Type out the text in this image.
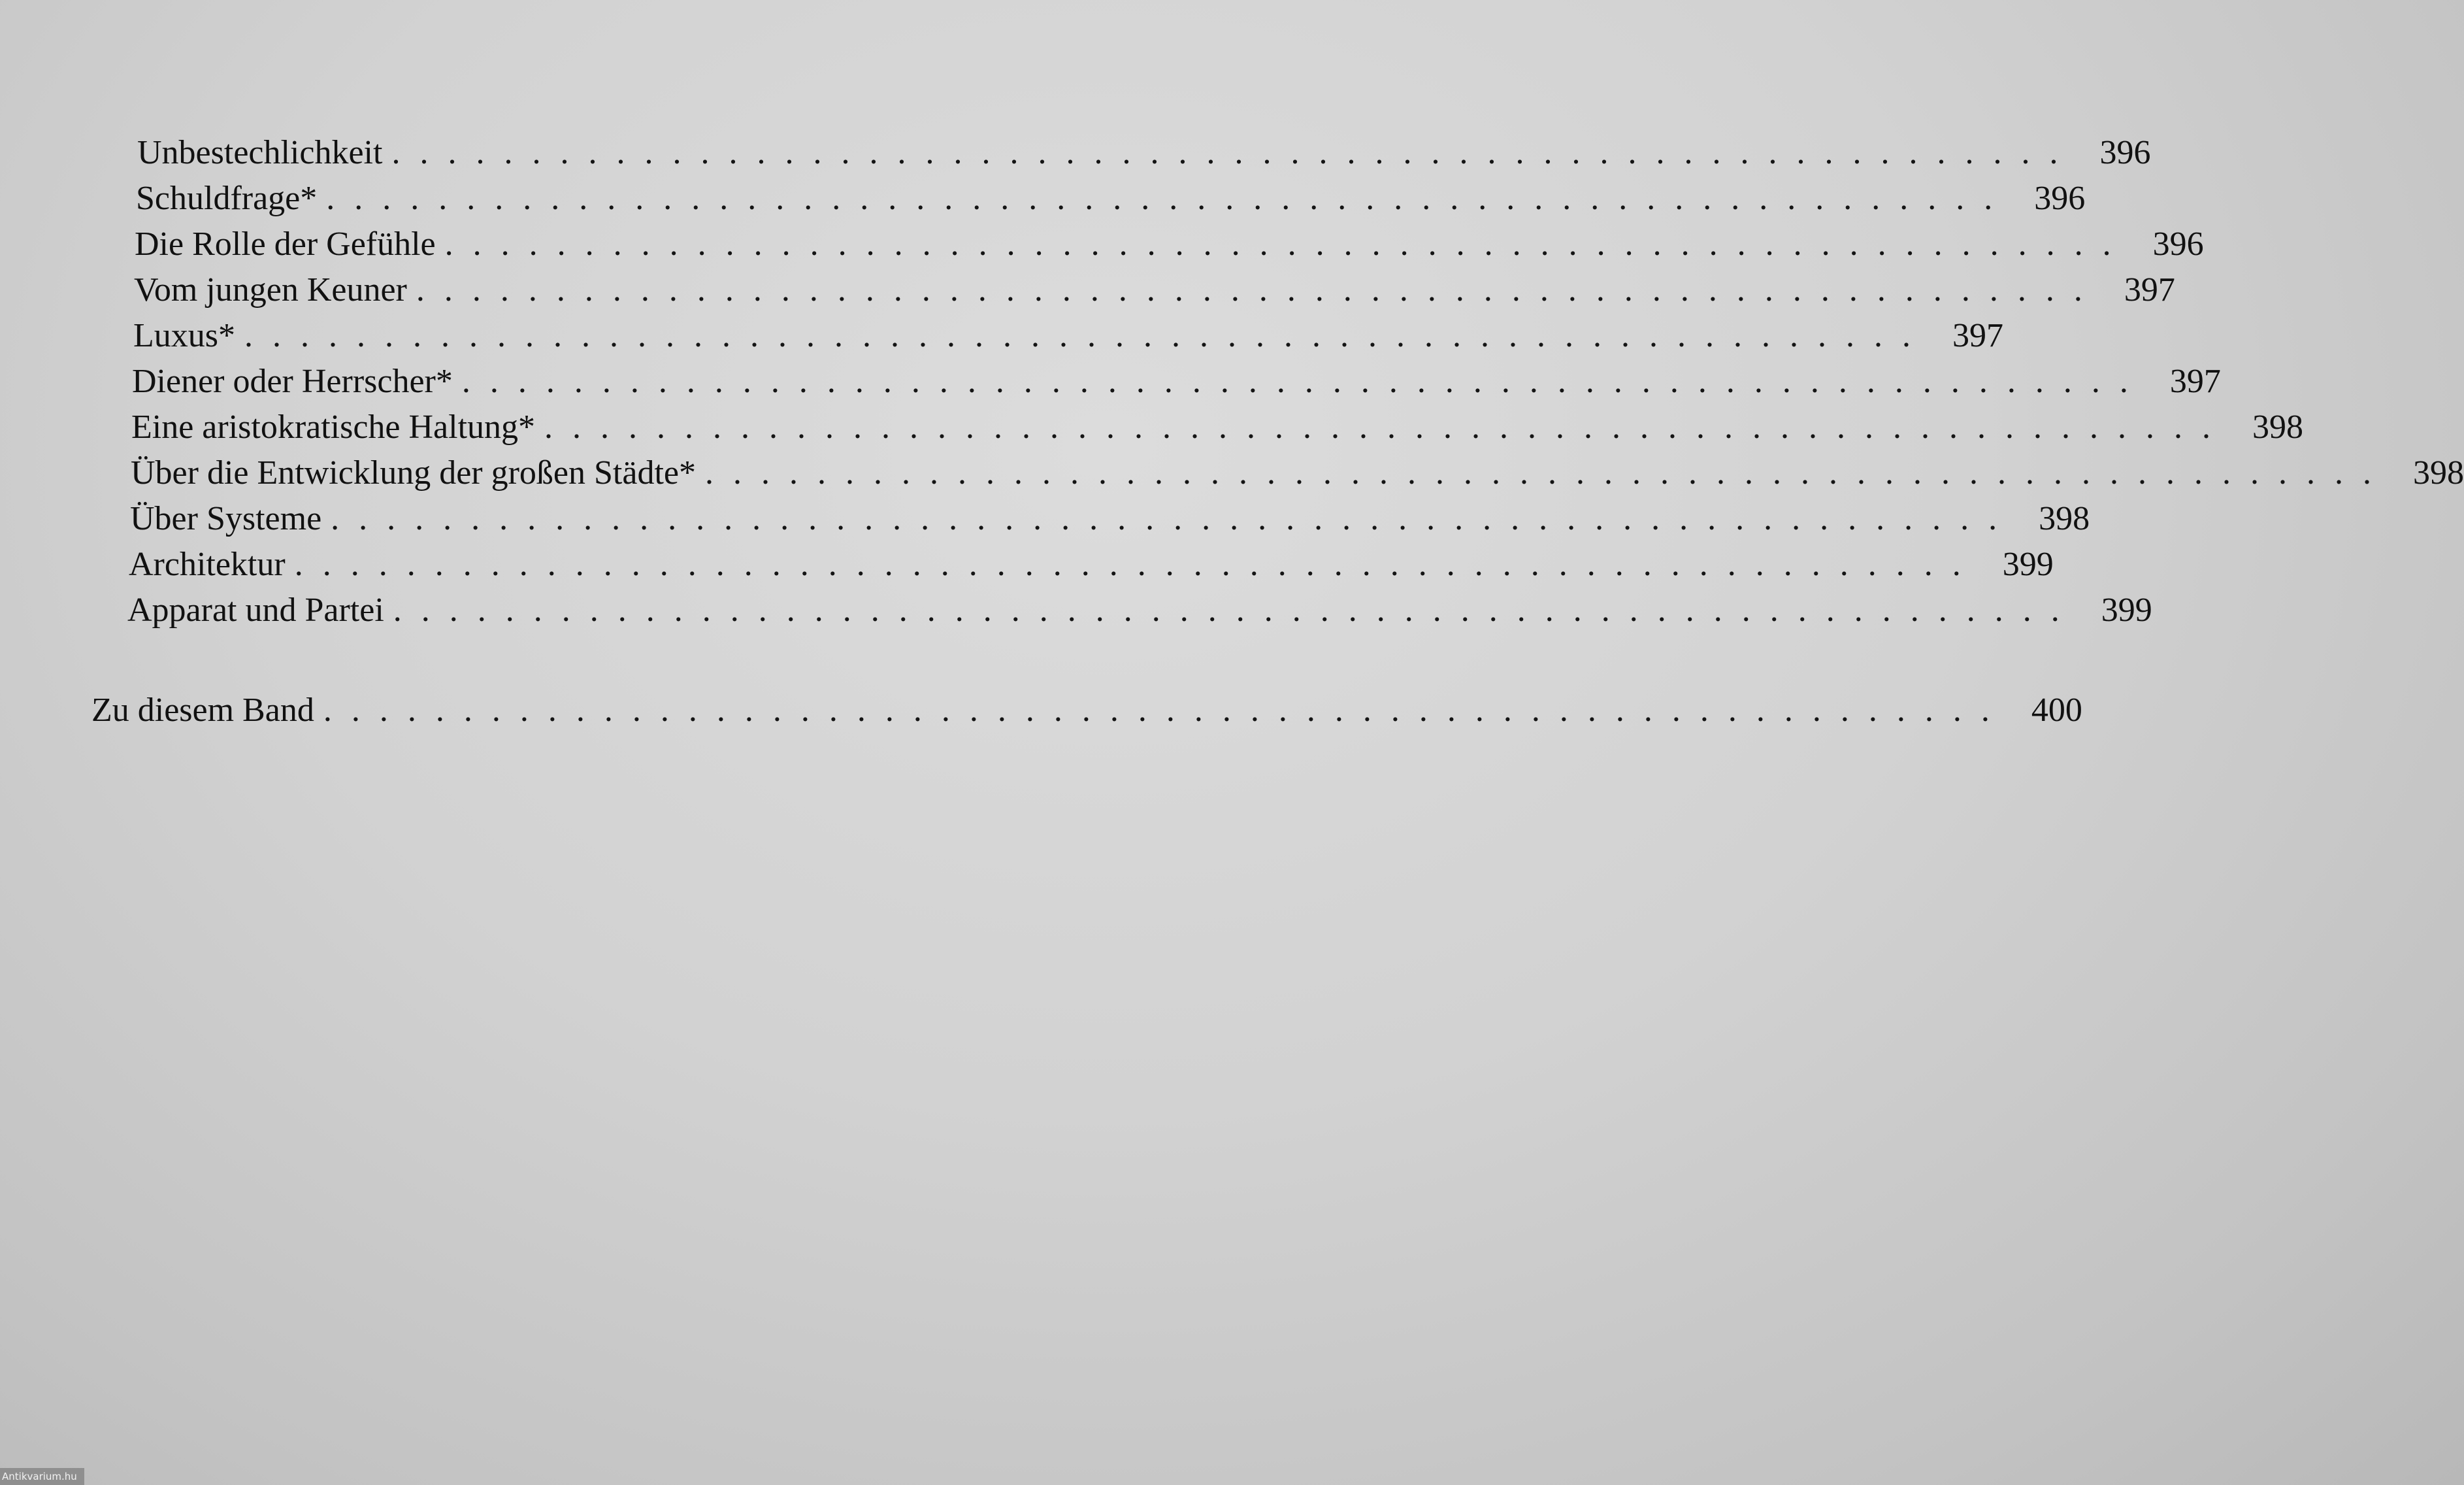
Unbestechlichkeit ............................................................ 396
Schuldfrage* ............................................................ 396
Die Rolle der Gefühle ............................................................ 396
Vom jungen Keuner ............................................................ 397
Luxus* ............................................................ 397
Diener oder Herrscher* ............................................................ 397
Eine aristokratische Haltung* ............................................................ 398
Über die Entwicklung der großen Städte* ............................................................ 398
Über Systeme ............................................................ 398
Architektur ............................................................ 399
Apparat und Partei ............................................................ 399
Zu diesem Band ............................................................ 400
Antikvarium.hu
